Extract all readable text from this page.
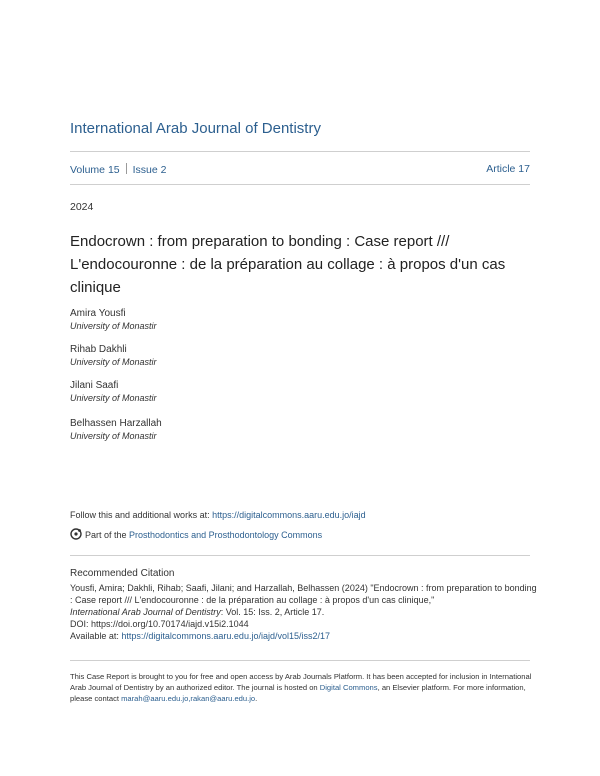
International Arab Journal of Dentistry
Volume 15 Issue 2	Article 17
2024
Endocrown : from preparation to bonding : Case report /// L'endocouronne : de la préparation au collage : à propos d'un cas clinique
Amira Yousfi
University of Monastir
Rihab Dakhli
University of Monastir
Jilani Saafi
University of Monastir
Belhassen Harzallah
University of Monastir
Follow this and additional works at: https://digitalcommons.aaru.edu.jo/iajd
Part of the Prosthodontics and Prosthodontology Commons
Recommended Citation
Yousfi, Amira; Dakhli, Rihab; Saafi, Jilani; and Harzallah, Belhassen (2024) "Endocrown : from preparation to bonding : Case report /// L'endocouronne : de la préparation au collage : à propos d'un cas clinique,"
International Arab Journal of Dentistry: Vol. 15: Iss. 2, Article 17.
DOI: https://doi.org/10.70174/iajd.v15i2.1044
Available at: https://digitalcommons.aaru.edu.jo/iajd/vol15/iss2/17
This Case Report is brought to you for free and open access by Arab Journals Platform. It has been accepted for inclusion in International Arab Journal of Dentistry by an authorized editor. The journal is hosted on Digital Commons, an Elsevier platform. For more information, please contact marah@aaru.edu.jo,rakan@aaru.edu.jo.
